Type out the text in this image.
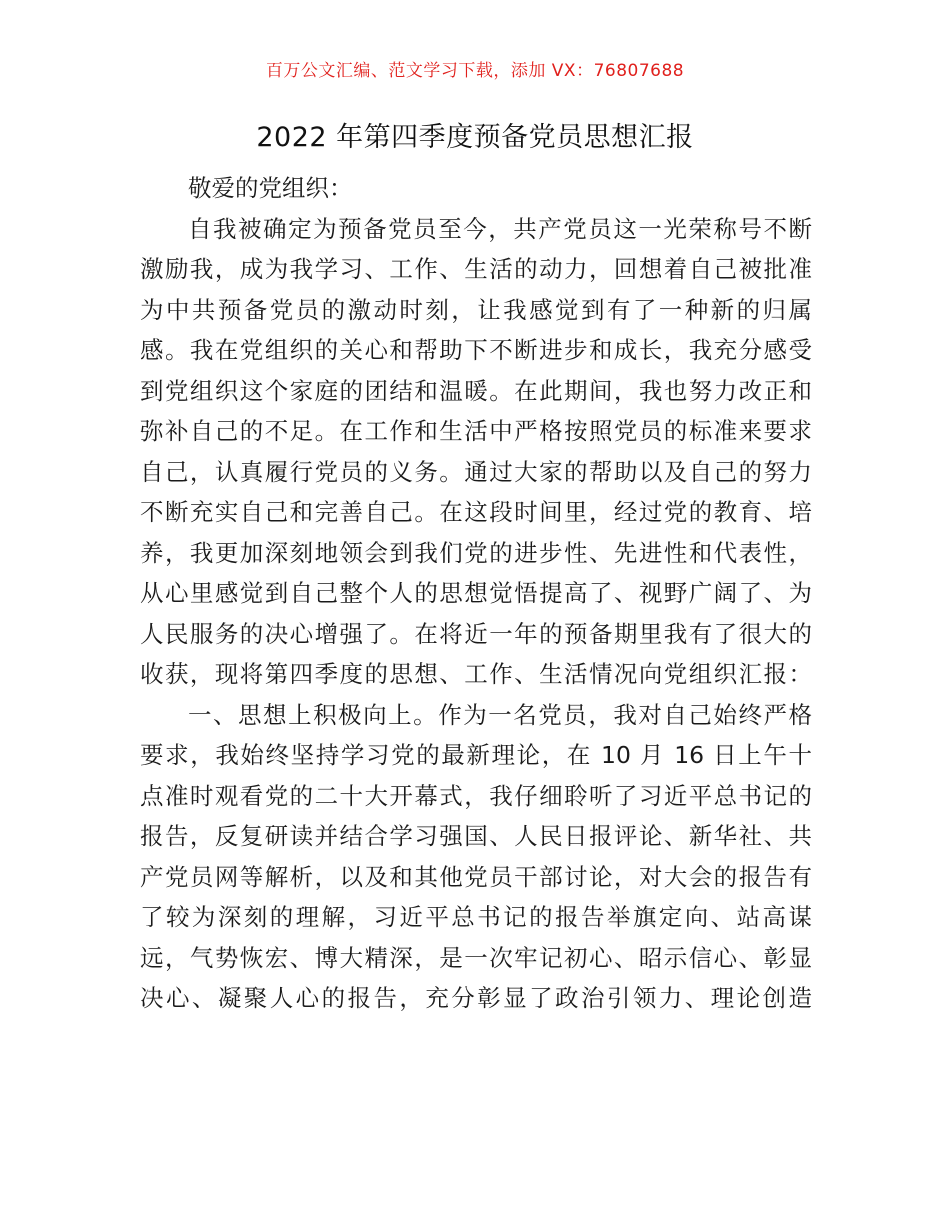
百万公文汇编、范文学习下载，添加 VX：76807688
2022 年第四季度预备党员思想汇报
敬爱的党组织：
自我被确定为预备党员至今，共产党员这一光荣称号不断
激励我，成为我学习、工作、生活的动力，回想着自己被批准
为中共预备党员的激动时刻，让我感觉到有了一种新的归属
感。我在党组织的关心和帮助下不断进步和成长，我充分感受
到党组织这个家庭的团结和温暖。在此期间，我也努力改正和
弥补自己的不足。在工作和生活中严格按照党员的标准来要求
自己，认真履行党员的义务。通过大家的帮助以及自己的努力
不断充实自己和完善自己。在这段时间里，经过党的教育、培
养，我更加深刻地领会到我们党的进步性、先进性和代表性，
从心里感觉到自己整个人的思想觉悟提高了、视野广阔了、为
人民服务的决心增强了。在将近一年的预备期里我有了很大的
收获，现将第四季度的思想、工作、生活情况向党组织汇报：
一、思想上积极向上。作为一名党员，我对自己始终严格
要求，我始终坚持学习党的最新理论，在 10 月 16 日上午十
点准时观看党的二十大开幕式，我仔细聆听了习近平总书记的
报告，反复研读并结合学习强国、人民日报评论、新华社、共
产党员网等解析，以及和其他党员干部讨论，对大会的报告有
了较为深刻的理解，习近平总书记的报告举旗定向、站高谋
远，气势恢宏、博大精深，是一次牢记初心、昭示信心、彰显
决心、凝聚人心的报告，充分彰显了政治引领力、理论创造
